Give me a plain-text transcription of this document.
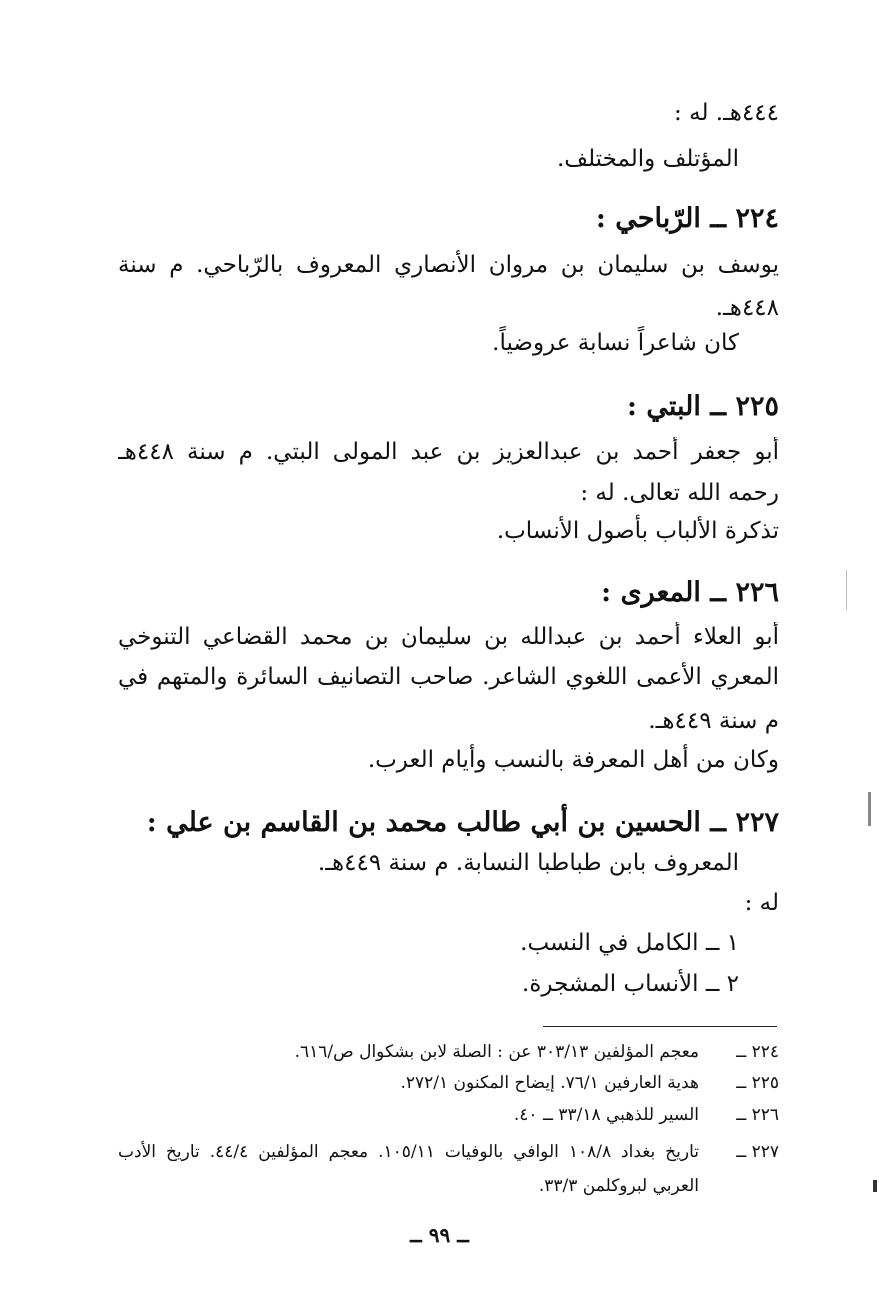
٤٤٤هـ. له :
المؤتلف والمختلف.
٢٢٤ ــ الرّباحي :
يوسف بن سليمان بن مروان الأنصاري المعروف بالرّباحي. م سنة
٤٤٨هـ.
كان شاعراً نسابة عروضياً.
٢٢٥ ــ البتي :
أبو جعفر أحمد بن عبدالعزيز بن عبد المولى البتي. م سنة ٤٤٨هـ
رحمه الله تعالى. له :
تذكرة الألباب بأصول الأنساب.
٢٢٦ ــ المعرى :
أبو العلاء أحمد بن عبدالله بن سليمان بن محمد القضاعي التنوخي
المعري الأعمى اللغوي الشاعر. صاحب التصانيف السائرة والمتهم في
م سنة ٤٤٩هـ.
وكان من أهل المعرفة بالنسب وأيام العرب.
٢٢٧ ــ الحسين بن أبي طالب محمد بن القاسم بن علي :
المعروف بابن طباطبا النسابة. م سنة ٤٤٩هـ.
له :
١ ــ الكامل في النسب.
٢ ــ الأنساب المشجرة.
٢٢٤ ــ
معجم المؤلفين ٣٠٣/١٣ عن : الصلة لابن بشكوال ص/٦١٦.
٢٢٥ ــ
هدية العارفين ٧٦/١. إيضاح المكنون ٢٧٢/١.
٢٢٦ ــ
السير للذهبي ٣٣/١٨ ــ ٤٠.
٢٢٧ ــ
تاريخ بغداد ١٠٨/٨ الوافي بالوفيات ١٠٥/١١. معجم المؤلفين ٤٤/٤. تاريخ الأدب
العربي لبروكلمن ٣٣/٣.
ــ ٩٩ ــ
